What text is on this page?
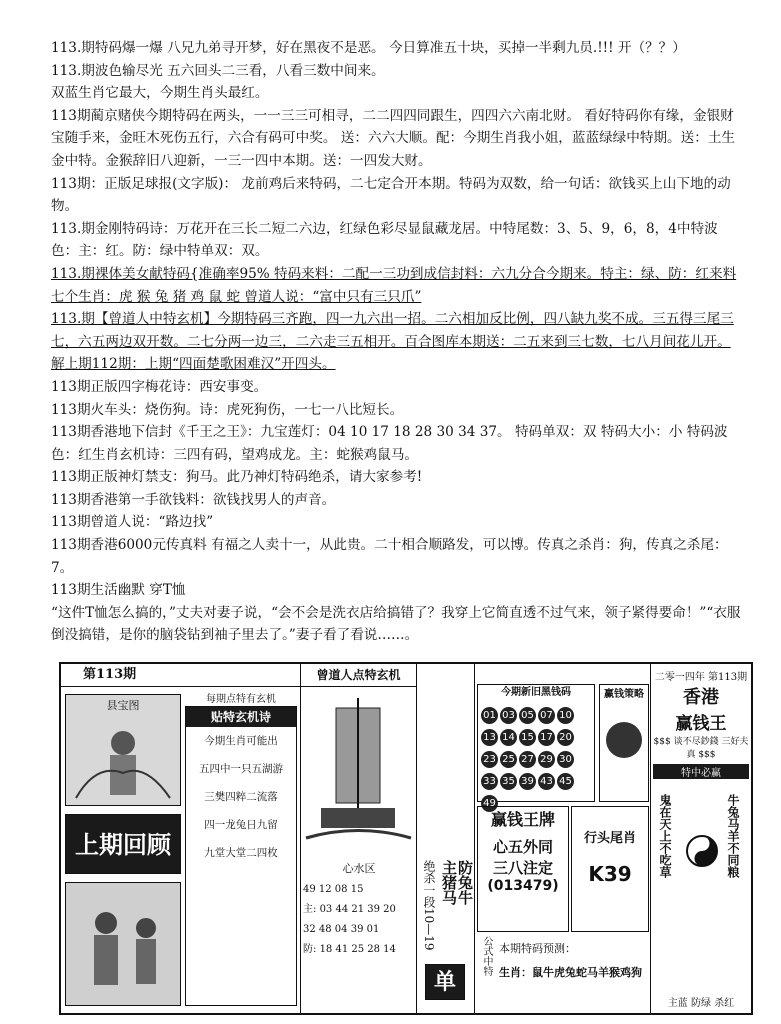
113.期特码爆一爆 八兄九弟寻开梦，好在黑夜不是恶。 今日算准五十块，买掉一半剩九员.!!! 开（？？）

113.期波色输尽光 五六回头二三看，八看三数中间来。

双蓝生肖它最大，今期生肖头最红。

113期蔺京赌侠今期特码在两头，一一三三可相寻，二二四四同跟生，四四六六南北财。 看好特码你有缘，金银财宝随手来，金旺木死伤五行，六合有码可中奖。 送：六六大顺。配：今期生肖我小姐，蓝蓝绿绿中特期。送：土生金中特。金猴辞旧八迎新，一三一四中本期。送：一四发大财。

113期：正版足球报(文字版)： 龙前鸡后来特码，二七定合开本期。特码为双数，给一句话：欲钱买上山下地的动物。

113.期金刚特码诗：万花开在三长二短二六边，红绿色彩尽显鼠藏龙居。中特尾数：3、5、9，6，8，4中特波色：主：红。防：绿中特单双：双。

113.期裸体美女献特码{准确率95% 特码来料：二配一三功到成信封料：六九分合今期来。特主：绿、防：红来料七个生肖：虎 猴 兔 猪 鸡 鼠 蛇 曾道人说：“富中只有三只爪”

113.期【曾道人中特玄机】今期特码三齐跑，四一九六出一招。二六相加反比例，四八缺九奖不成。三五得三尾三七，六五两边双开数。二七分两一边三，二六走三五相开。百合图库本期送：二五来到三七数，七八月间花儿开。解上期112期：上期“四面楚歌困难汉”开四头。

113期正版四字梅花诗：西安事变。

113期火车头：烧伤狗。诗：虎死狗伤，一七一八比短长。

113期香港地下信封《千王之王》：九宝莲灯：04 10 17 18 28 30 34 37。 特码单双：双 特码大小：小 特码波色：红生肖玄机诗：三四有码，望鸡成龙。主：蛇猴鸡鼠马。

113期正版神灯禁支：狗马。此乃神灯特码绝杀，请大家参考!

113期香港第一手欲钱料：欲钱找男人的声音。

113期曾道人说：“路边找”

113期香港6000元传真料 有福之人卖十一，从此贵。二十相合顺路发，可以博。传真之杀肖：狗，传真之杀尾：7。

113期生活幽默 穿T恤

“这件T恤怎么搞的，”丈夫对妻子说，“会不会是洗衣店给搞错了？我穿上它简直透不过气来，领子紧得要命！”“衣服倒没搞错，是你的脑袋钻到袖子里去了。”妻子看了看说……。

第113期
县宝图
上期回顾
每期点特有玄机
贴特玄机诗
今期生肖可能出
五四中一只五湖游
三樊四粹二流落
四一龙兔日九留
九堂大堂二四枚
曾道人点特玄机
心水区
49 12 08 15
主: 03 44 21 39 20
32 48 04 39 01
防: 18 41 25 28 14 绝杀一段10—19 主猪马
防兔牛
单
今期新旧黑钱码
01 03 05 07 1013 14 15 17 2023 25 27 29 3033 35 39 43 4549
赢钱策略
赢钱王牌
心五外同
三八注定
(013479)
行头尾肖
K39
公式中特 本期特码预测：
生肖：鼠牛虎兔蛇马羊猴鸡狗
二零一四年 第113期
香港
赢钱王
$$$ 谈不尽鈔錢 三好夫真 $$$
特中必赢
鬼在天上不吃草	牛兔马羊不同粮
主蓝 防绿 杀红
